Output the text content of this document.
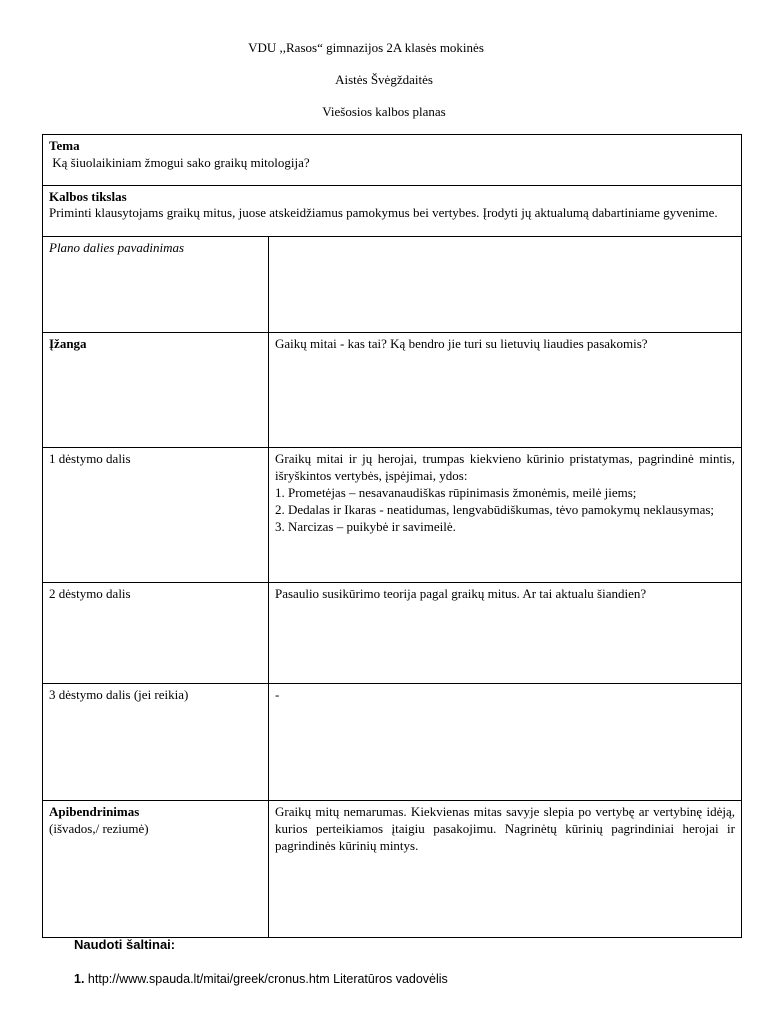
VDU ,,Rasos“ gimnazijos 2A klasės mokinės
Aistės Švėgždaitės
Viešosios kalbos planas
Tema
Ką šiuolaikiniam žmogui sako graikų mitologija?	

Kalbos tikslas
Priminti klausytojams graikų mitus, juose atskeidžiamus pamokymus bei vertybes. Įrodyti jų aktualumą dabartiniame gyvenime.	

Plano dalies pavadinimas	
Įžanga	Gaikų mitai - kas tai? Ką bendro jie turi su lietuvių liaudies pasakomis?

1 dėstymo dalis	Graikų mitai ir jų herojai, trumpas kiekvieno kūrinio pristatymas, pagrindinė mintis, išryškintos vertybės, įspėjimai, ydos:
1. Prometėjas – nesavanaudiškas rūpinimasis žmonėmis, meilė jiems;
2. Dedalas ir Ikaras - neatidumas, lengvabūdiškumas, tėvo pamokymų neklausymas;
3. Narcizas – puikybė ir savimeilė.

2 dėstymo dalis	Pasaulio susikūrimo teorija pagal graikų mitus. Ar tai aktualu šiandien?

3 dėstymo dalis (jei reikia)	-

Apibendrinimas
(išvados,/ reziumė)	Graikų mitų nemarumas. Kiekvienas mitas savyje slepia po vertybę ar vertybinę idėją, kurios perteikiamos įtaigiu pasakojimu. Nagrinėtų kūrinių pagrindiniai herojai ir pagrindinės kūrinių mintys.
Naudoti šaltinai:
1. http://www.spauda.lt/mitai/greek/cronus.htm Literatūros vadovėlis
